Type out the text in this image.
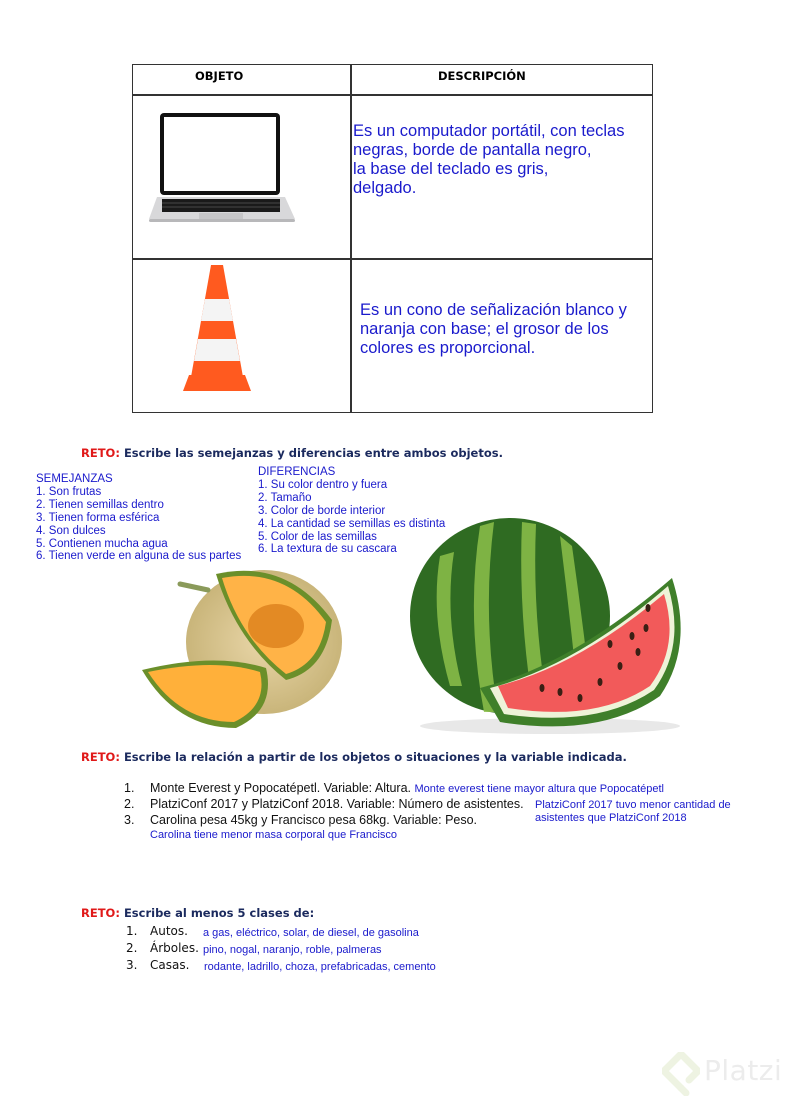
OBJETO	DESCRIPCIÓN
Es un computador portátil, con teclas
negras, borde de pantalla negro,
la base del teclado es gris,
delgado.
Es un cono de señalización blanco y
naranja con base; el grosor de los
colores es proporcional.
RETO: Escribe las semejanzas y diferencias entre ambos objetos.
SEMEJANZAS
1. Son frutas
2. Tienen semillas dentro
3. Tienen forma esférica
4. Son dulces
5. Contienen mucha agua
6. Tienen verde en alguna de sus partes
DIFERENCIAS
1. Su color dentro y fuera
2. Tamaño
3. Color de borde interior
4. La cantidad se semillas es distinta
5. Color de las semillas
6. La textura de su cascara
RETO: Escribe la relación a partir de los objetos o situaciones y la variable indicada.
1. Monte Everest y Popocatépetl. Variable: Altura. Monte everest tiene mayor altura que Popocatépetl
2. PlatziConf 2017 y PlatziConf 2018. Variable: Número de asistentes. PlatziConf 2017 tuvo menor cantidad de
asistentes que PlatziConf 2018
3. Carolina pesa 45kg y Francisco pesa 68kg. Variable: Peso.
Carolina tiene menor masa corporal que Francisco
RETO: Escribe al menos 5 clases de:
1. Autos. a gas, eléctrico, solar, de diesel, de gasolina
2. Árboles. pino, nogal, naranjo, roble, palmeras
3. Casas. rodante, ladrillo, choza, prefabricadas, cemento
Platzi
